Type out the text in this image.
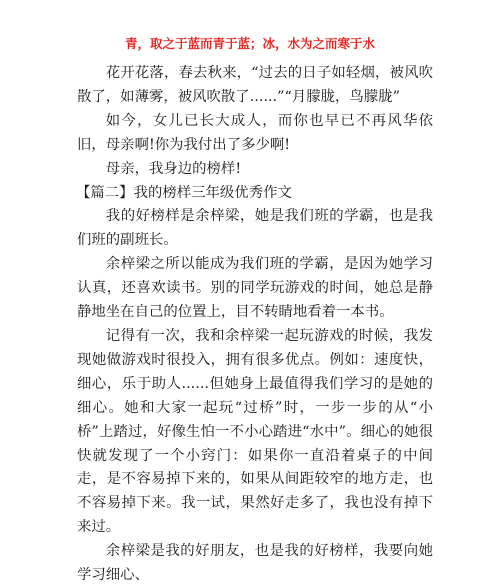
青，取之于蓝而青于蓝；冰，水为之而寒于水

花开花落，春去秋来，“过去的日子如轻烟，被风吹散了，如薄雾，被风吹散了......”“月朦胧，鸟朦胧”

如今，女儿已长大成人，而你也早已不再风华依旧，母亲啊!你为我付出了多少啊!

母亲，我身边的榜样!

【篇二】我的榜样三年级优秀作文

我的好榜样是余梓梁，她是我们班的学霸，也是我们班的副班长。

余梓梁之所以能成为我们班的学霸，是因为她学习认真，还喜欢读书。别的同学玩游戏的时间，她总是静静地坐在自己的位置上，目不转睛地看着一本书。

记得有一次，我和余梓梁一起玩游戏的时候，我发现她做游戏时很投入，拥有很多优点。例如：速度快，细心，乐于助人......但她身上最值得我们学习的是她的细心。她和大家一起玩“过桥”时，一步一步的从“小桥”上踏过，好像生怕一不小心踏进“水中”。细心的她很快就发现了一个小窍门：如果你一直沿着桌子的中间走，是不容易掉下来的，如果从间距较窄的地方走，也不容易掉下来。我一试，果然好走多了，我也没有掉下来过。

余梓梁是我的好朋友，也是我的好榜样，我要向她学习细心、
